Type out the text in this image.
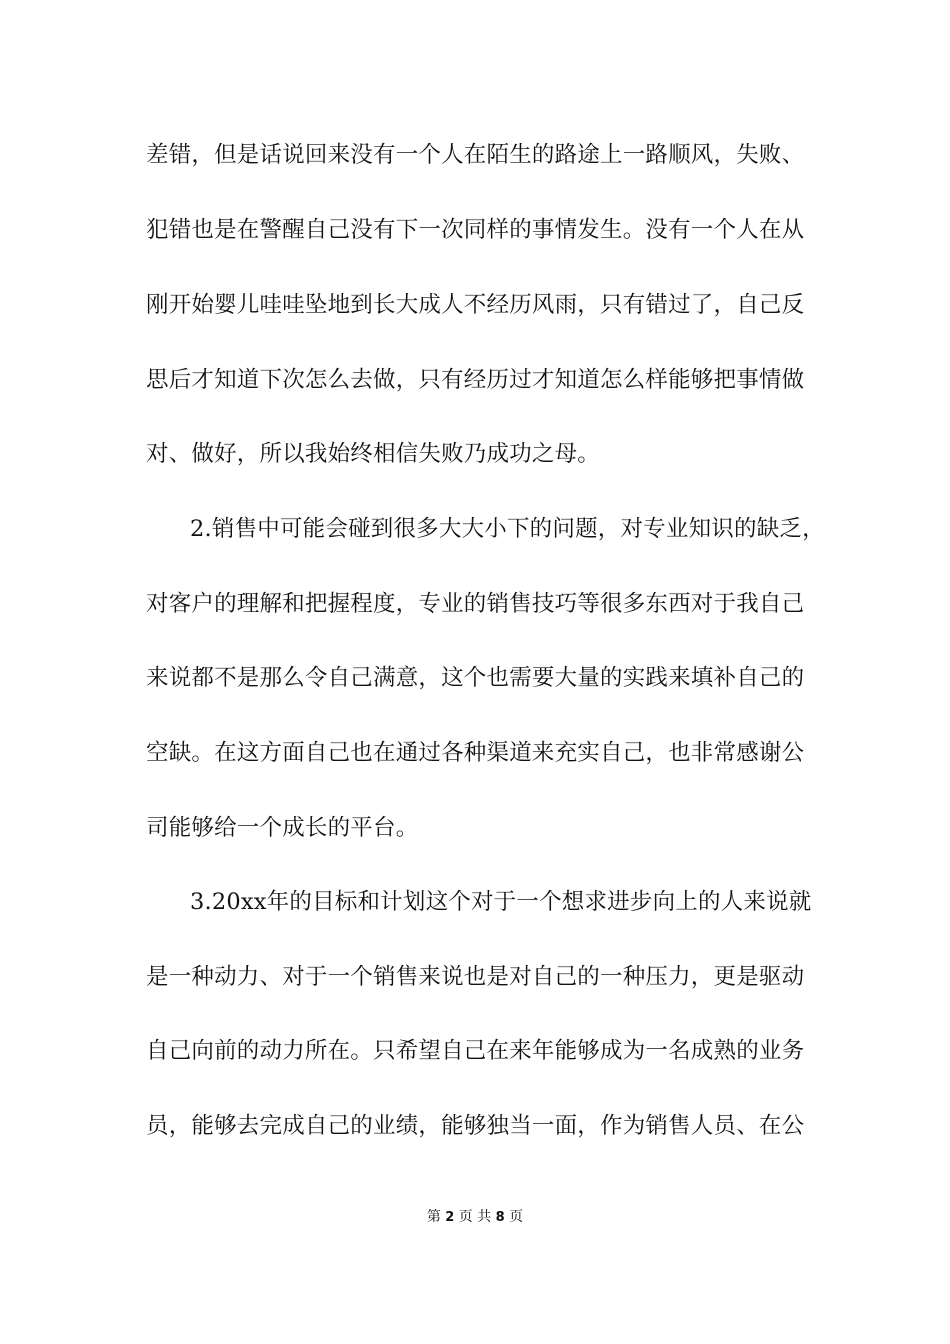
差错，但是话说回来没有一个人在陌生的路途上一路顺风，失败、
犯错也是在警醒自己没有下一次同样的事情发生。没有一个人在从
刚开始婴儿哇哇坠地到长大成人不经历风雨，只有错过了，自己反
思后才知道下次怎么去做，只有经历过才知道怎么样能够把事情做
对、做好，所以我始终相信失败乃成功之母。
2.销售中可能会碰到很多大大小下的问题，对专业知识的缺乏，
对客户的理解和把握程度，专业的销售技巧等很多东西对于我自己
来说都不是那么令自己满意，这个也需要大量的实践来填补自己的
空缺。在这方面自己也在通过各种渠道来充实自己，也非常感谢公
司能够给一个成长的平台。
3.20xx年的目标和计划这个对于一个想求进步向上的人来说就
是一种动力、对于一个销售来说也是对自己的一种压力，更是驱动
自己向前的动力所在。只希望自己在来年能够成为一名成熟的业务
员，能够去完成自己的业绩，能够独当一面，作为销售人员、在公
第 2 页 共 8 页
